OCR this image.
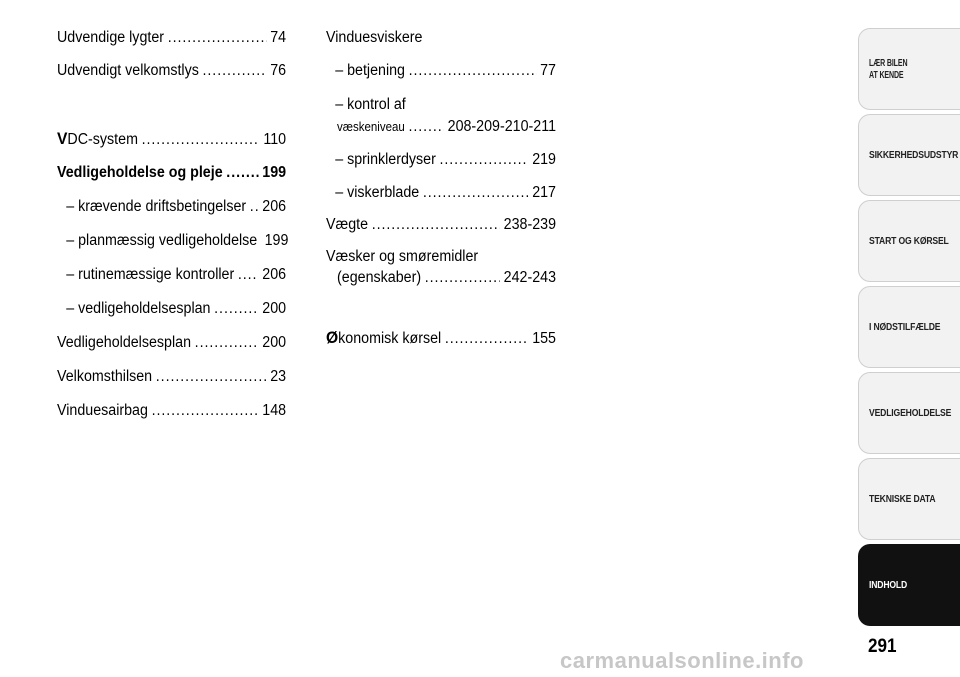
Udvendige lygter .....	74
Udvendigt velkomstlys .....	76
VDC-system .....	110
Vedligeholdelse og pleje .....	199
– krævende driftsbetingelser ..... 206
– planmæssig vedligeholdelse 199
– rutinemæssige kontroller ..... 206
– vedligeholdelsesplan .....	200
Vedligeholdelsesplan .....	200
Velkomsthilsen .....	23
Vinduesairbag .....	148
Vinduesviskere
– betjening .....	77
– kontrol af
væskeniveau .....	208-209-210-211
– sprinklerdyser .....	219
– viskerblade .....	217
Vægte .....	238-239
Væsker og smøremidler
(egenskaber) .....	242-243
Økonomisk kørsel .....	155
LÆR BILEN
AT KENDE
SIKKERHEDSUDSTYR
START OG KØRSEL
I NØDSTILFÆLDE
VEDLIGEHOLDELSE
TEKNISKE DATA
INDHOLD
291
carmanualsonline.info
